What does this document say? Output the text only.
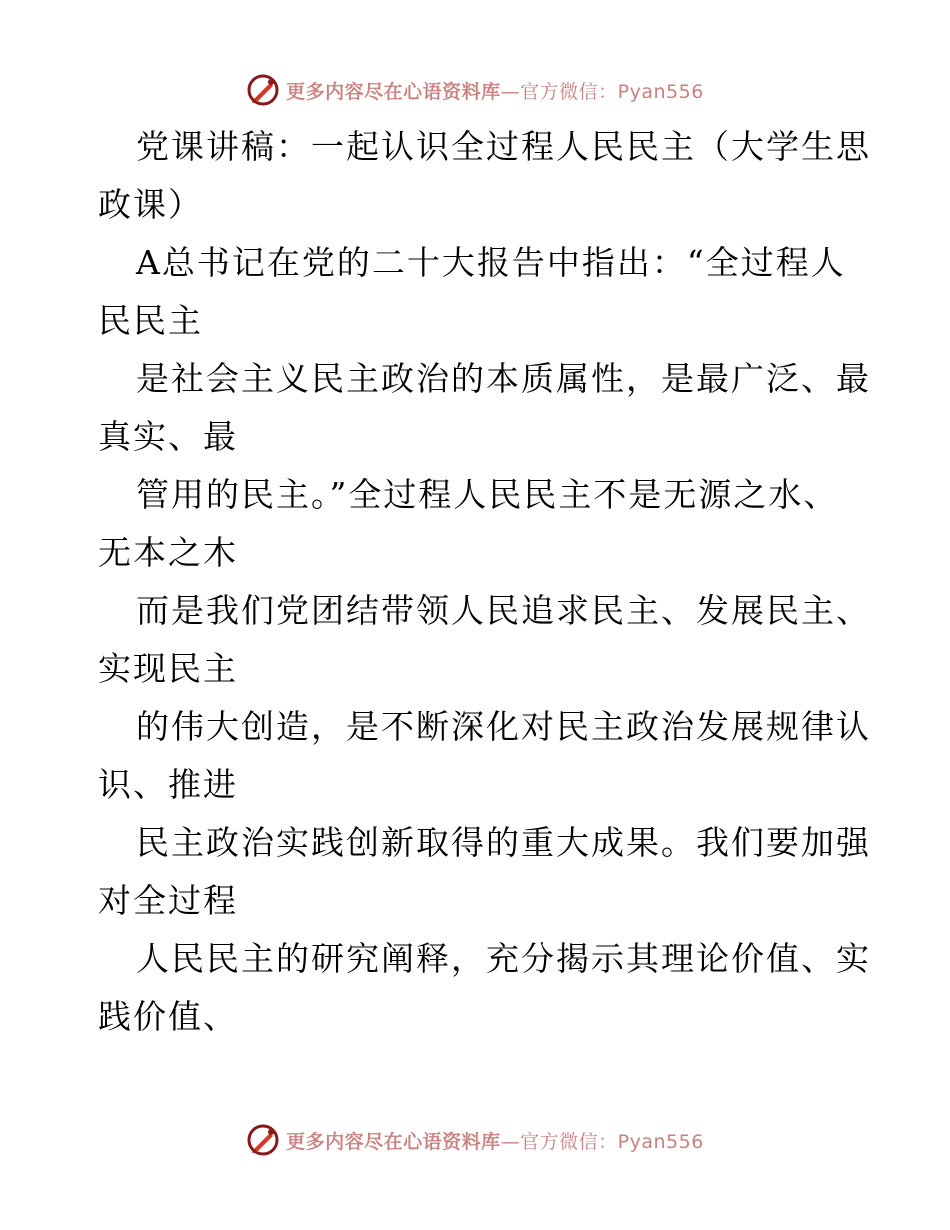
更多内容尽在心语资料库—官方微信：Pyan556

党课讲稿：一起认识全过程人民民主（大学生思

政课）

A总书记在党的二十大报告中指出：“全过程人

民民主

是社会主义民主政治的本质属性，是最广泛、最

真实、最

管用的民主。”全过程人民民主不是无源之水、

无本之木

而是我们党团结带领人民追求民主、发展民主、

实现民主

的伟大创造，是不断深化对民主政治发展规律认

识、推进

民主政治实践创新取得的重大成果。我们要加强

对全过程

人民民主的研究阐释，充分揭示其理论价值、实

践价值、

更多内容尽在心语资料库—官方微信：Pyan556
